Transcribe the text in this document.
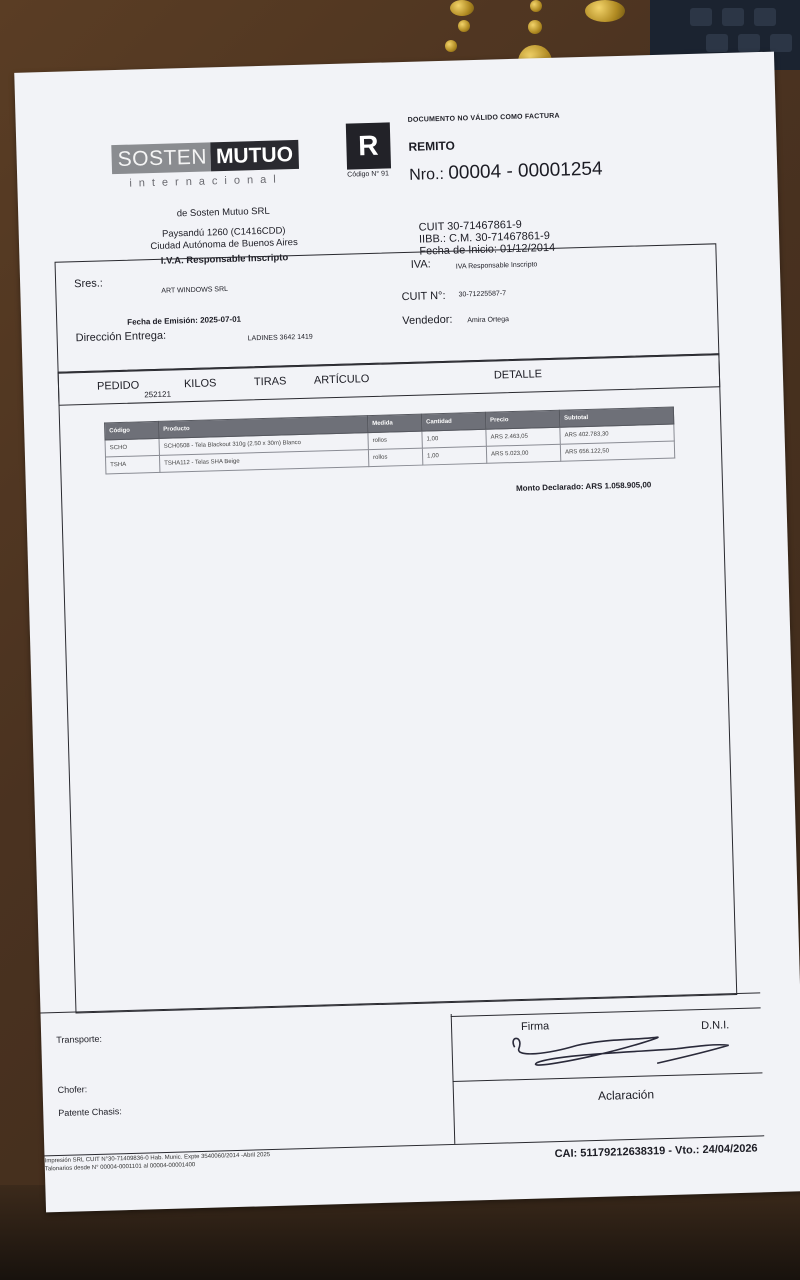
SOSTEN MUTUO
internacional
de Sosten Mutuo SRL
Paysandú 1260 (C1416CDD)
Ciudad Autónoma de Buenos Aires
I.V.A. Responsable Inscripto
R
Código N° 91
DOCUMENTO NO VÁLIDO COMO FACTURA
REMITO
Nro.: 00004 - 00001254
CUIT 30-71467861-9
IIBB.: C.M. 30-71467861-9
Fecha de Inicio: 01/12/2014
Sres.:
ART WINDOWS SRL
Fecha de Emisión: 2025-07-01
Dirección Entrega:	LADINES 3642 1419
IVA:	IVA Responsable Inscripto
CUIT N°: 30-71225587-7
Vendedor: Amira Ortega
PEDIDO
252121
KILOS	TIRAS ARTÍCULO	DETALLE
Código	Producto	Medida	Cantidad	Precio	Subtotal
SCHO	SCH0508 - Tela Blackout 310g (2.50 x 30m) Blanco	rollos	1,00	ARS 2.463,05	ARS 402.783,30
TSHA	TSHA112 - Telas SHA Beige	rollos	1,00	ARS 5.023,00	ARS 656.122,50
Monto Declarado: ARS 1.058.905,00
Transporte:
Chofer:
Patente Chasis:
Firma	D.N.I.
Aclaración
Impresión SRL CUIT N°30-71409836-0 Hab. Munic. Expte 3540060/2014 -Abril 2025
Talonarios desde N° 00004-0001101 al 00004-00001400
CAI: 51179212638319 - Vto.: 24/04/2026
